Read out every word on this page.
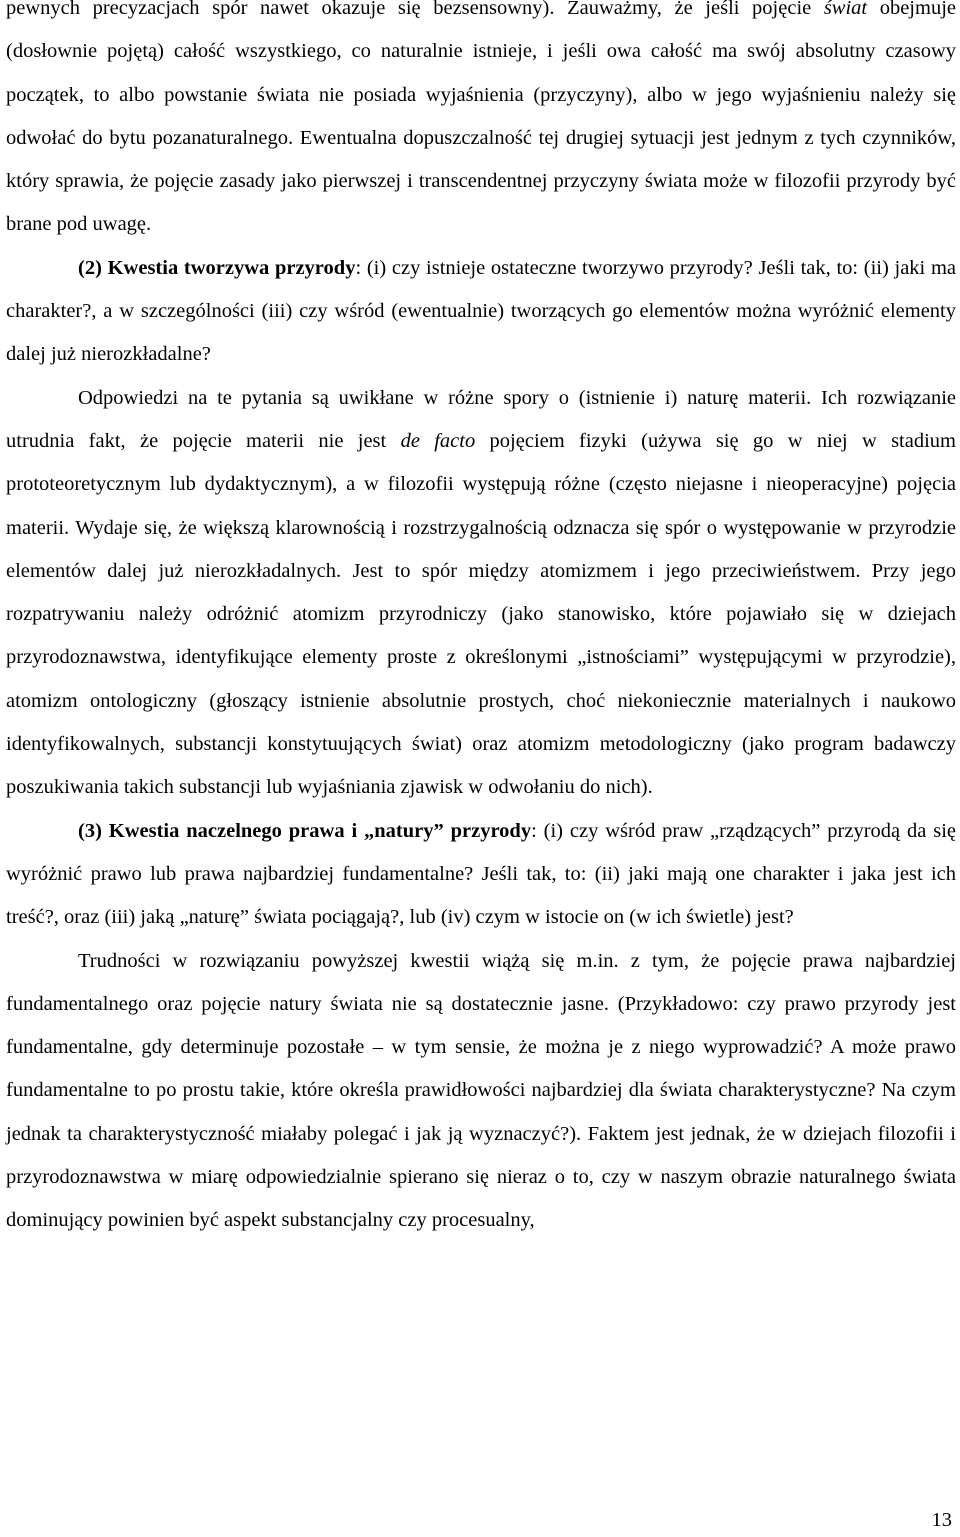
pewnych precyzacjach spór nawet okazuje się bezsensowny). Zauważmy, że jeśli pojęcie świat obejmuje (dosłownie pojętą) całość wszystkiego, co naturalnie istnieje, i jeśli owa całość ma swój absolutny czasowy początek, to albo powstanie świata nie posiada wyjaśnienia (przyczyny), albo w jego wyjaśnieniu należy się odwołać do bytu pozanaturalnego. Ewentualna dopuszczalność tej drugiej sytuacji jest jednym z tych czynników, który sprawia, że pojęcie zasady jako pierwszej i transcendentnej przyczyny świata może w filozofii przyrody być brane pod uwagę.

(2) Kwestia tworzywa przyrody: (i) czy istnieje ostateczne tworzywo przyrody? Jeśli tak, to: (ii) jaki ma charakter?, a w szczególności (iii) czy wśród (ewentualnie) tworzących go elementów można wyróżnić elementy dalej już nierozkładalne?

Odpowiedzi na te pytania są uwikłane w różne spory o (istnienie i) naturę materii. Ich rozwiązanie utrudnia fakt, że pojęcie materii nie jest de facto pojęciem fizyki (używa się go w niej w stadium prototeoretycznym lub dydaktycznym), a w filozofii występują różne (często niejasne i nieoperacyjne) pojęcia materii. Wydaje się, że większą klarownością i rozstrzygalnością odznacza się spór o występowanie w przyrodzie elementów dalej już nierozkładalnych. Jest to spór między atomizmem i jego przeciwieństwem. Przy jego rozpatrywaniu należy odróżnić atomizm przyrodniczy (jako stanowisko, które pojawiało się w dziejach przyrodoznawstwa, identyfikujące elementy proste z określonymi „istnościami” występującymi w przyrodzie), atomizm ontologiczny (głoszący istnienie absolutnie prostych, choć niekoniecznie materialnych i naukowo identyfikowalnych, substancji konstytuujących świat) oraz atomizm metodologiczny (jako program badawczy poszukiwania takich substancji lub wyjaśniania zjawisk w odwołaniu do nich).

(3) Kwestia naczelnego prawa i „natury” przyrody: (i) czy wśród praw „rządzących” przyrodą da się wyróżnić prawo lub prawa najbardziej fundamentalne? Jeśli tak, to: (ii) jaki mają one charakter i jaka jest ich treść?, oraz (iii) jaką „naturę” świata pociągają?, lub (iv) czym w istocie on (w ich świetle) jest?

Trudności w rozwiązaniu powyższej kwestii wiążą się m.in. z tym, że pojęcie prawa najbardziej fundamentalnego oraz pojęcie natury świata nie są dostatecznie jasne. (Przykładowo: czy prawo przyrody jest fundamentalne, gdy determinuje pozostałe – w tym sensie, że można je z niego wyprowadzić? A może prawo fundamentalne to po prostu takie, które określa prawidłowości najbardziej dla świata charakterystyczne? Na czym jednak ta charakterystyczność miałaby polegać i jak ją wyznaczyć?). Faktem jest jednak, że w dziejach filozofii i przyrodoznawstwa w miarę odpowiedzialnie spierano się nieraz o to, czy w naszym obrazie naturalnego świata dominujący powinien być aspekt substancjalny czy procesualny,

13
